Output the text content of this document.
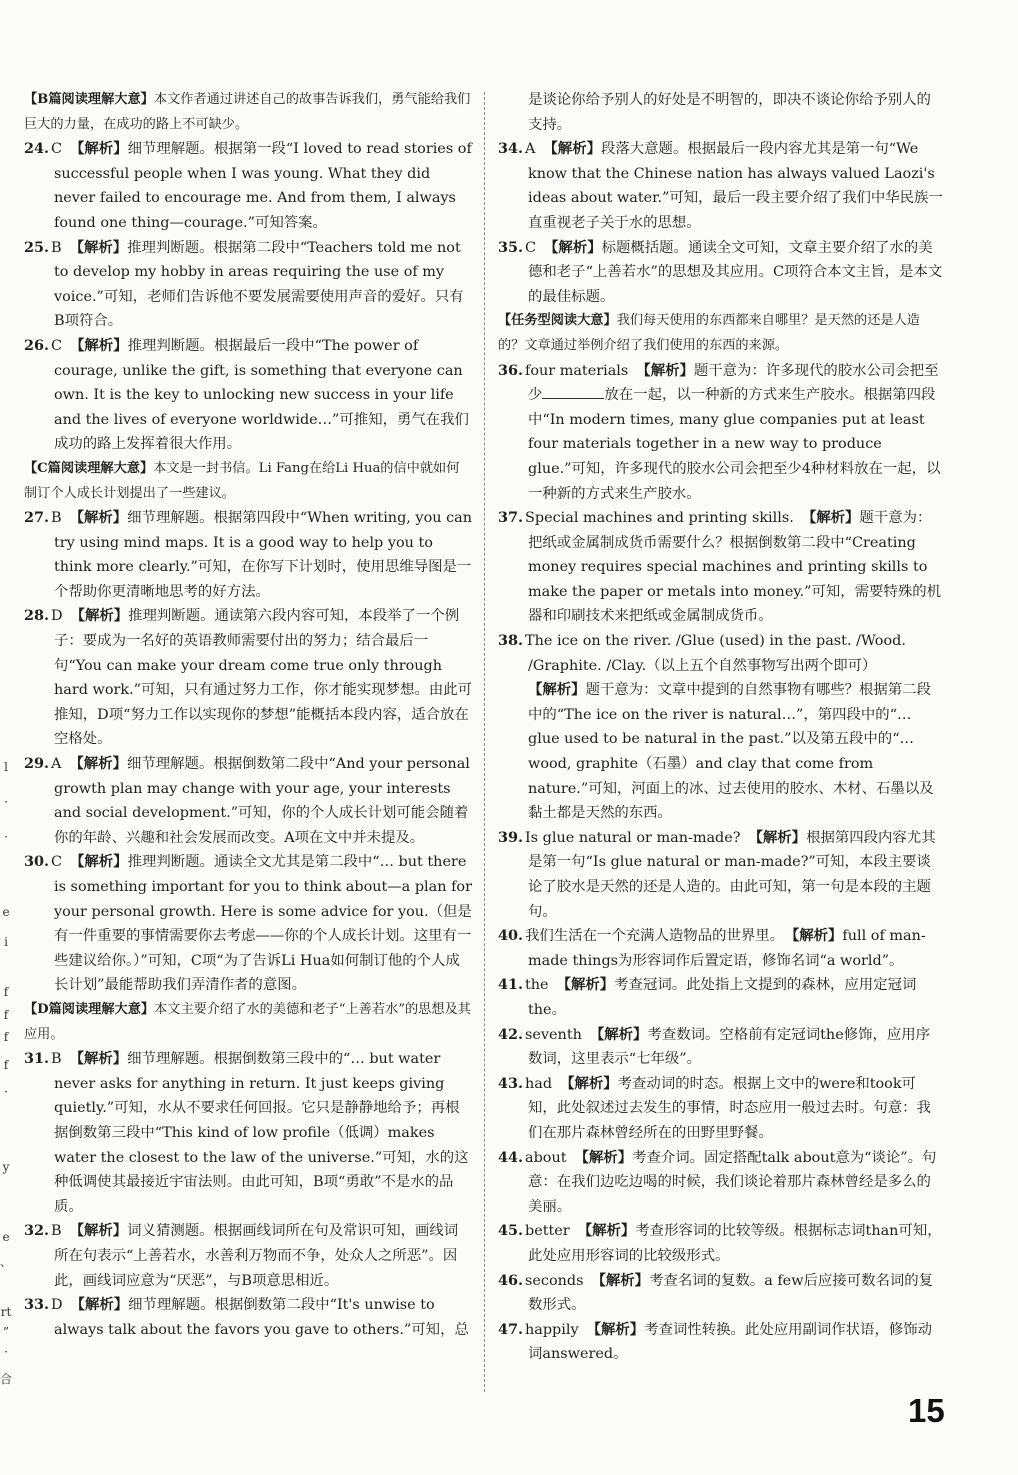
l
·
·
e
i
f
f
f
f
·
y
e
、
rt
”
·
合
【B篇阅读理解大意】本文作者通过讲述自己的故事告诉我们，勇气能给我们巨大的力量，在成功的路上不可缺少。
24. C 【解析】细节理解题。根据第一段“I loved to read stories of successful people when I was young. What they did never failed to encourage me. And from them, I always found one thing—courage.”可知答案。
25. B 【解析】推理判断题。根据第二段中“Teachers told me not to develop my hobby in areas requiring the use of my voice.”可知，老师们告诉他不要发展需要使用声音的爱好。只有B项符合。
26. C 【解析】推理判断题。根据最后一段中“The power of courage, unlike the gift, is something that everyone can own. It is the key to unlocking new success in your life and the lives of everyone worldwide…”可推知，勇气在我们成功的路上发挥着很大作用。
【C篇阅读理解大意】本文是一封书信。Li Fang在给Li Hua的信中就如何制订个人成长计划提出了一些建议。
27. B 【解析】细节理解题。根据第四段中“When writing, you can try using mind maps. It is a good way to help you to think more clearly.”可知，在你写下计划时，使用思维导图是一个帮助你更清晰地思考的好方法。
28. D 【解析】推理判断题。通读第六段内容可知，本段举了一个例子：要成为一名好的英语教师需要付出的努力；结合最后一句“You can make your dream come true only through hard work.”可知，只有通过努力工作，你才能实现梦想。由此可推知，D项“努力工作以实现你的梦想”能概括本段内容，适合放在空格处。
29. A 【解析】细节理解题。根据倒数第二段中“And your personal growth plan may change with your age, your interests and social development.”可知，你的个人成长计划可能会随着你的年龄、兴趣和社会发展而改变。A项在文中并未提及。
30. C 【解析】推理判断题。通读全文尤其是第二段中“… but there is something important for you to think about—a plan for your personal growth. Here is some advice for you.（但是有一件重要的事情需要你去考虑——你的个人成长计划。这里有一些建议给你。）”可知，C项“为了告诉Li Hua如何制订他的个人成长计划”最能帮助我们弄清作者的意图。
【D篇阅读理解大意】本文主要介绍了水的美德和老子“上善若水”的思想及其应用。
31. B 【解析】细节理解题。根据倒数第三段中的“… but water never asks for anything in return. It just keeps giving quietly.”可知，水从不要求任何回报。它只是静静地给予；再根据倒数第三段中“This kind of low profile（低调）makes water the closest to the law of the universe.”可知，水的这种低调使其最接近宇宙法则。由此可知，B项“勇敢”不是水的品质。
32. B 【解析】词义猜测题。根据画线词所在句及常识可知，画线词所在句表示“上善若水，水善利万物而不争，处众人之所恶”。因此，画线词应意为“厌恶”，与B项意思相近。
33. D 【解析】细节理解题。根据倒数第二段中“It's unwise to always talk about the favors you gave to others.”可知，总
是谈论你给予别人的好处是不明智的，即决不谈论你给予别人的支持。
34. A 【解析】段落大意题。根据最后一段内容尤其是第一句“We know that the Chinese nation has always valued Laozi's ideas about water.”可知，最后一段主要介绍了我们中华民族一直重视老子关于水的思想。
35. C 【解析】标题概括题。通读全文可知，文章主要介绍了水的美德和老子“上善若水”的思想及其应用。C项符合本文主旨，是本文的最佳标题。
【任务型阅读大意】我们每天使用的东西都来自哪里？是天然的还是人造的？文章通过举例介绍了我们使用的东西的来源。
36. four materials 【解析】题干意为：许多现代的胶水公司会把至少	放在一起，以一种新的方式来生产胶水。根据第四段中“In modern times, many glue companies put at least four materials together in a new way to produce glue.”可知，许多现代的胶水公司会把至少4种材料放在一起，以一种新的方式来生产胶水。
37. Special machines and printing skills. 【解析】题干意为：把纸或金属制成货币需要什么？根据倒数第二段中“Creating money requires special machines and printing skills to make the paper or metals into money.”可知，需要特殊的机器和印刷技术来把纸或金属制成货币。
38. The ice on the river. /Glue (used) in the past. /Wood. /Graphite. /Clay.（以上五个自然事物写出两个即可）
【解析】题干意为：文章中提到的自然事物有哪些？根据第二段中的“The ice on the river is natural…”，第四段中的“… glue used to be natural in the past.”以及第五段中的“… wood, graphite（石墨）and clay that come from nature.”可知，河面上的冰、过去使用的胶水、木材、石墨以及黏土都是天然的东西。
39. Is glue natural or man-made? 【解析】根据第四段内容尤其是第一句“Is glue natural or man-made?”可知，本段主要谈论了胶水是天然的还是人造的。由此可知，第一句是本段的主题句。
40. 我们生活在一个充满人造物品的世界里。 【解析】full of man-made things为形容词作后置定语，修饰名词“a world”。
41. the 【解析】考查冠词。此处指上文提到的森林，应用定冠词the。
42. seventh 【解析】考查数词。空格前有定冠词the修饰，应用序数词，这里表示“七年级”。
43. had 【解析】考查动词的时态。根据上文中的were和took可知，此处叙述过去发生的事情，时态应用一般过去时。句意：我们在那片森林曾经所在的田野里野餐。
44. about 【解析】考查介词。固定搭配talk about意为“谈论”。句意：在我们边吃边喝的时候，我们谈论着那片森林曾经是多么的美丽。
45. better 【解析】考查形容词的比较等级。根据标志词than可知，此处应用形容词的比较级形式。
46. seconds 【解析】考查名词的复数。a few后应接可数名词的复数形式。
47. happily 【解析】考查词性转换。此处应用副词作状语，修饰动词answered。
15
